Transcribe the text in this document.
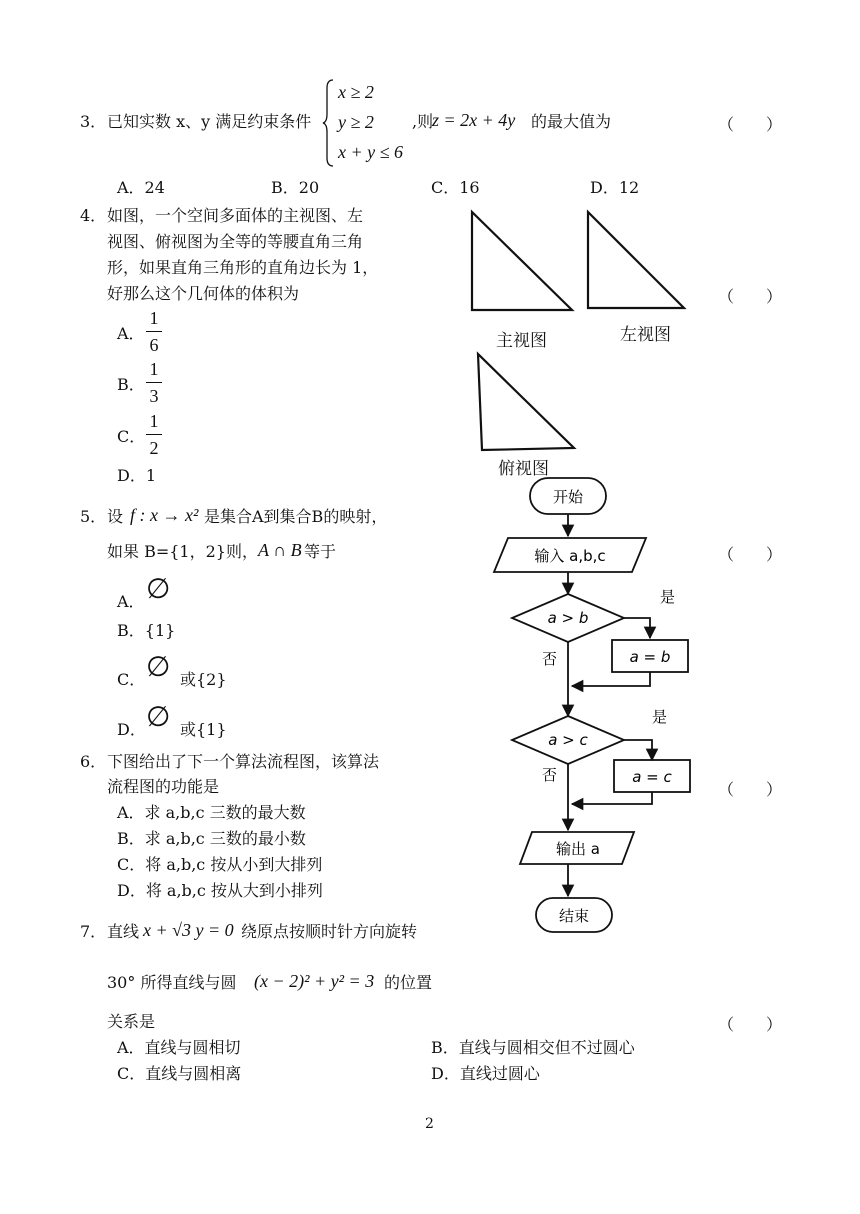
3． 已知实数 x、y 满足约束条件
x ≥ 2
y ≥ 2
x + y ≤ 6
,则
z = 2x + 4y 的最大值为	（　　）
A．24	B．20	C．16	D．12
4． 如图，一个空间多面体的主视图、左
视图、俯视图为全等的等腰直角三角
形，如果直角三角形的直角边长为 1，
好那么这个几何体的体积为	（　　）
A．
1
6
B．
1
3
C．
1
2
D．1
主视图	左视图
俯视图
5． 设 f : x → x² 是集合A到集合B的映射，
如果 B={1，2}则， A ∩ B 等于	（　　）
A． ∅
B．{1}
C． ∅ 或{2}
D． ∅ 或{1}
6． 下图给出了下一个算法流程图，该算法
流程图的功能是	（　　）
A．求 a,b,c 三数的最大数
B．求 a,b,c 三数的最小数
C．将 a,b,c 按从小到大排列
D．将 a,b,c 按从大到小排列
开始
输入 a,b,c
a > b
a = b
a > c
a = c
输出 a
结束
是
否
是
否
7． 直线 x + √3 y = 0 绕原点按顺时针方向旋转
30° 所得直线与圆 (x − 2)² + y² = 3 的位置
关系是	（　　）
A．直线与圆相切	B．直线与圆相交但不过圆心
C．直线与圆相离	D．直线过圆心
2
